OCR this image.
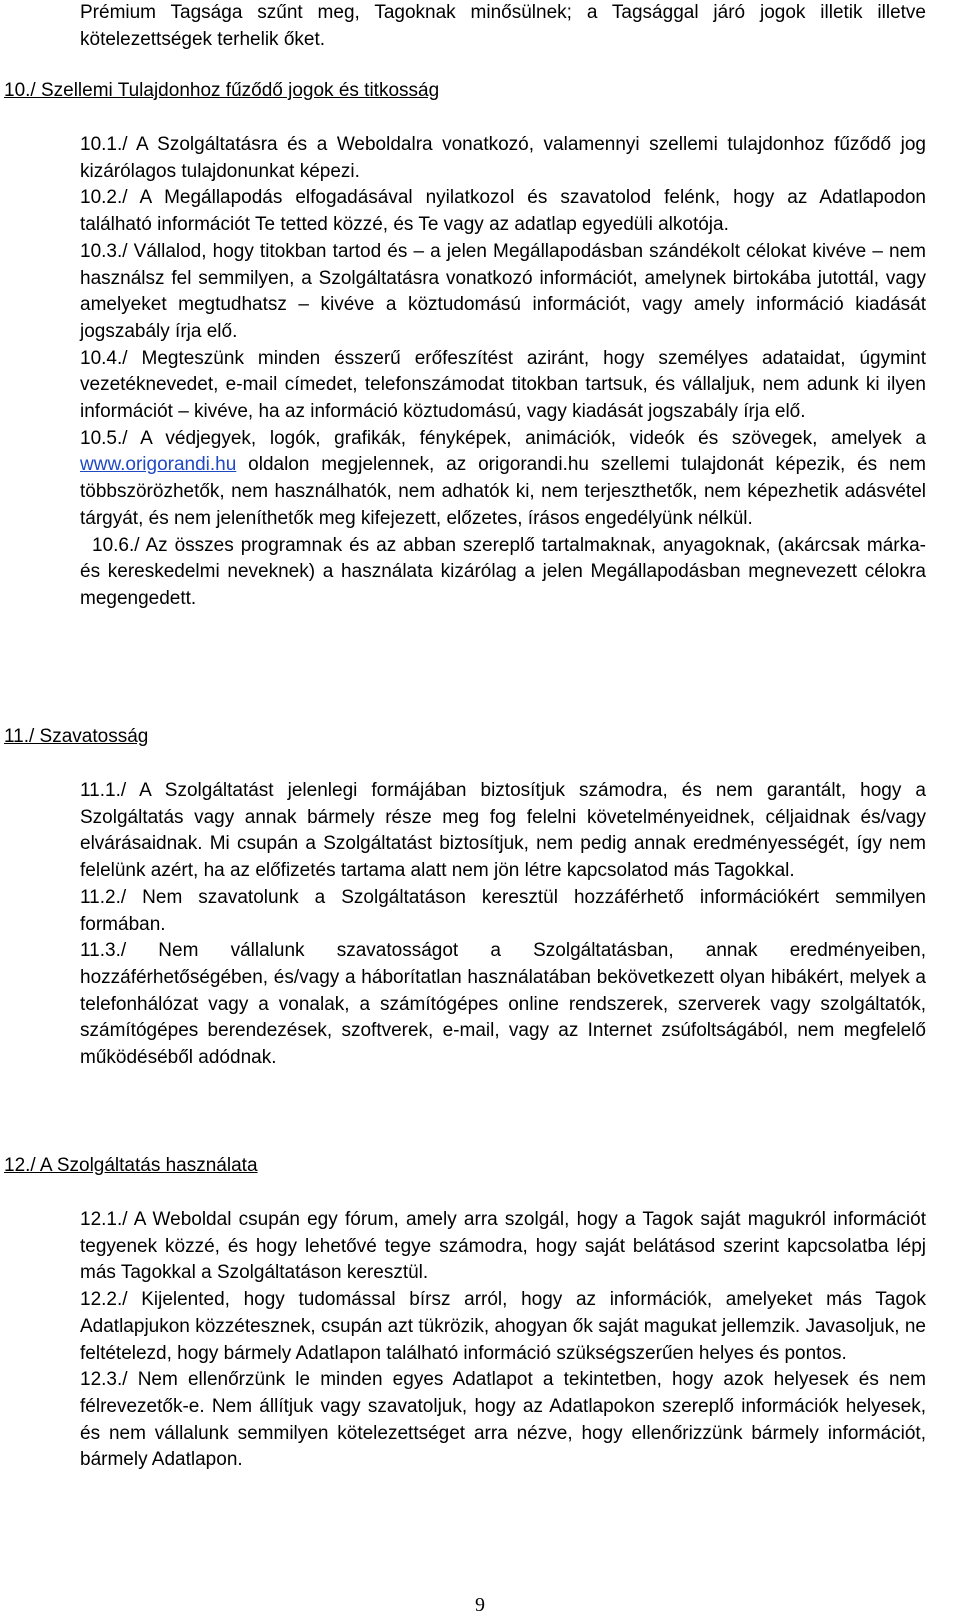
Prémium Tagsága szűnt meg, Tagoknak minősülnek; a Tagsággal járó jogok illetik illetve kötelezettségek terhelik őket.

10./ Szellemi Tulajdonhoz fűződő jogok és titkosság

10.1./ A Szolgáltatásra és a Weboldalra vonatkozó, valamennyi szellemi tulajdonhoz fűződő jog kizárólagos tulajdonunkat képezi.

10.2./ A Megállapodás elfogadásával nyilatkozol és szavatolod felénk, hogy az Adatlapodon található információt Te tetted közzé, és Te vagy az adatlap egyedüli alkotója.

10.3./ Vállalod, hogy titokban tartod és – a jelen Megállapodásban szándékolt célokat kivéve – nem használsz fel semmilyen, a Szolgáltatásra vonatkozó információt, amelynek birtokába jutottál, vagy amelyeket megtudhatsz – kivéve a köztudomású információt, vagy amely információ kiadását jogszabály írja elő.

10.4./ Megteszünk minden ésszerű erőfeszítést aziránt, hogy személyes adataidat, úgymint vezetéknevedet, e-mail címedet, telefonszámodat titokban tartsuk, és vállaljuk, nem adunk ki ilyen információt – kivéve, ha az információ köztudomású, vagy kiadását jogszabály írja elő.

10.5./ A védjegyek, logók, grafikák, fényképek, animációk, videók és szövegek, amelyek a www.origorandi.hu oldalon megjelennek, az origorandi.hu szellemi tulajdonát képezik, és nem többszörözhetők, nem használhatók, nem adhatók ki, nem terjeszthetők, nem képezhetik adásvétel tárgyát, és nem jeleníthetők meg kifejezett, előzetes, írásos engedélyünk nélkül.

10.6./ Az összes programnak és az abban szereplő tartalmaknak, anyagoknak, (akárcsak márka- és kereskedelmi neveknek) a használata kizárólag a jelen Megállapodásban megnevezett célokra megengedett.

11./ Szavatosság

11.1./ A Szolgáltatást jelenlegi formájában biztosítjuk számodra, és nem garantált, hogy a Szolgáltatás vagy annak bármely része meg fog felelni követelményeidnek, céljaidnak és/vagy elvárásaidnak. Mi csupán a Szolgáltatást biztosítjuk, nem pedig annak eredményességét, így nem felelünk azért, ha az előfizetés tartama alatt nem jön létre kapcsolatod más Tagokkal.

11.2./ Nem szavatolunk a Szolgáltatáson keresztül hozzáférhető információkért semmilyen formában.

11.3./ Nem vállalunk szavatosságot a Szolgáltatásban, annak eredményeiben, hozzáférhetőségében, és/vagy a háborítatlan használatában bekövetkezett olyan hibákért, melyek a telefonhálózat vagy a vonalak, a számítógépes online rendszerek, szerverek vagy szolgáltatók, számítógépes berendezések, szoftverek, e-mail, vagy az Internet zsúfoltságából, nem megfelelő működéséből adódnak.

12./ A Szolgáltatás használata

12.1./ A Weboldal csupán egy fórum, amely arra szolgál, hogy a Tagok saját magukról információt tegyenek közzé, és hogy lehetővé tegye számodra, hogy saját belátásod szerint kapcsolatba lépj más Tagokkal a Szolgáltatáson keresztül.

12.2./ Kijelented, hogy tudomással bírsz arról, hogy az információk, amelyeket más Tagok Adatlapjukon közzétesznek, csupán azt tükrözik, ahogyan ők saját magukat jellemzik. Javasoljuk, ne feltételezd, hogy bármely Adatlapon található információ szükségszerűen helyes és pontos.

12.3./ Nem ellenőrzünk le minden egyes Adatlapot a tekintetben, hogy azok helyesek és nem félrevezetők-e. Nem állítjuk vagy szavatoljuk, hogy az Adatlapokon szereplő információk helyesek, és nem vállalunk semmilyen kötelezettséget arra nézve, hogy ellenőrizzünk bármely információt, bármely Adatlapon.

9
